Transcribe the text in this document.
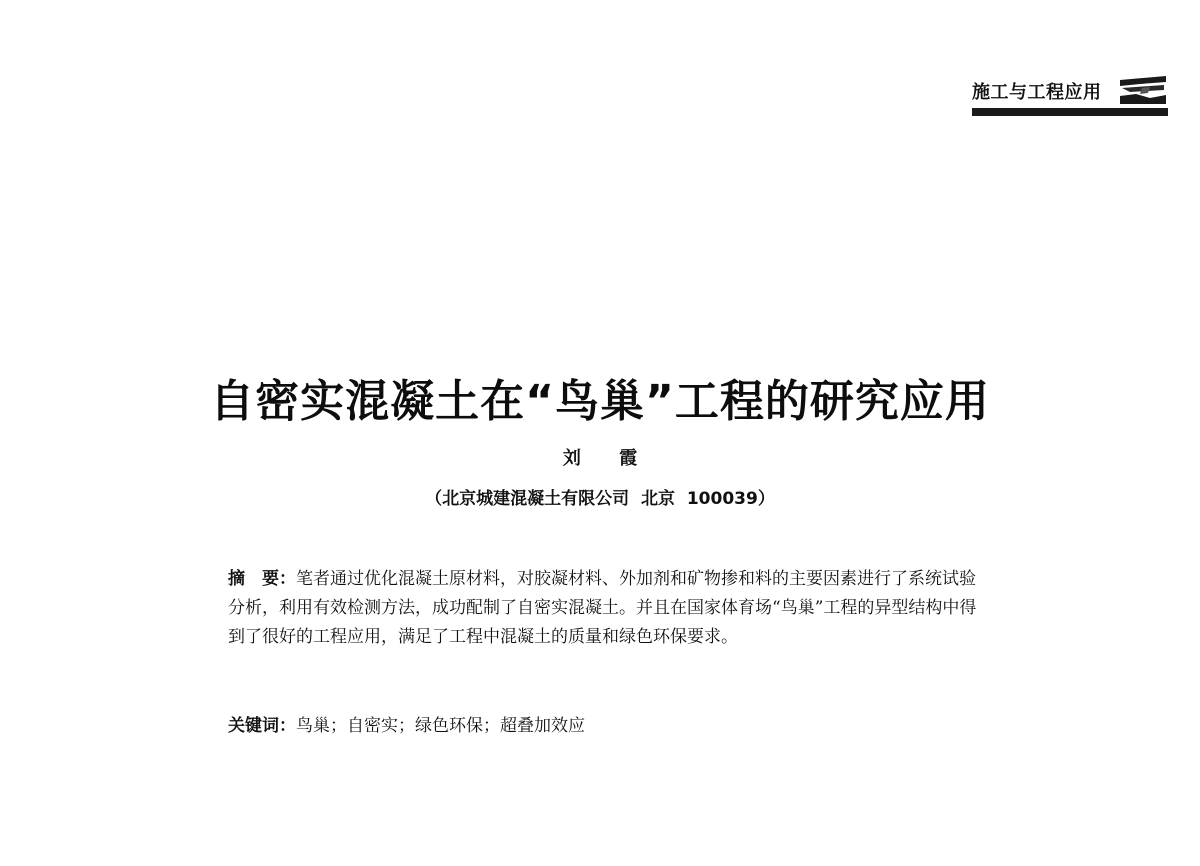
施工与工程应用
自密实混凝土在“鸟巢”工程的研究应用
刘 霞
（北京城建混凝土有限公司  北京  100039）
摘　要：笔者通过优化混凝土原材料，对胶凝材料、外加剂和矿物掺和料的主要因素进行了系统试验分析，利用有效检测方法，成功配制了自密实混凝土。并且在国家体育场“鸟巢”工程的异型结构中得到了很好的工程应用，满足了工程中混凝土的质量和绿色环保要求。
关键词：鸟巢；自密实；绿色环保；超叠加效应
